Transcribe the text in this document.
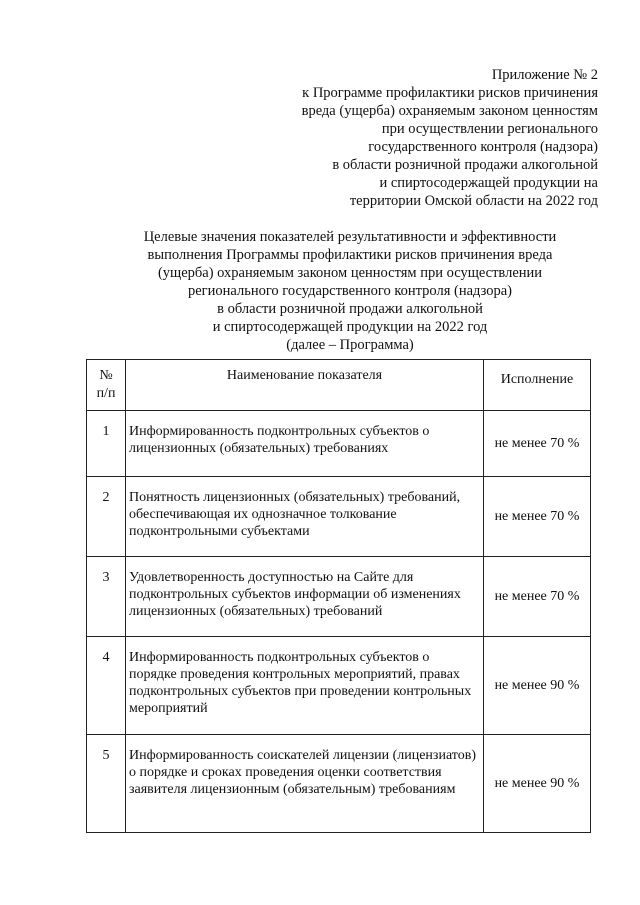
Приложение № 2
к Программе профилактики рисков причинения
вреда (ущерба) охраняемым законом ценностям
при осуществлении регионального
государственного контроля (надзора)
в области розничной продажи алкогольной
и спиртосодержащей продукции на
территории Омской области на 2022 год
Целевые значения показателей результативности и эффективности
выполнения Программы профилактики рисков причинения вреда
(ущерба) охраняемым законом ценностям при осуществлении
регионального государственного контроля (надзора)
в области розничной продажи алкогольной
и спиртосодержащей продукции на 2022 год
(далее – Программа)
№
п/п	Наименование показателя	Исполнение
1	Информированность подконтрольных субъектов о лицензионных (обязательных) требованиях	не менее 70 %
2	Понятность лицензионных (обязательных) требований, обеспечивающая их однозначное толкование подконтрольными субъектами	не менее 70 %
3	Удовлетворенность доступностью на Сайте для подконтрольных субъектов информации об изменениях лицензионных (обязательных) требований	не менее 70 %
4	Информированность подконтрольных субъектов о порядке проведения контрольных мероприятий, правах подконтрольных субъектов при проведении контрольных мероприятий	не менее 90 %
5	Информированность соискателей лицензии (лицензиатов) о порядке и сроках проведения оценки соответствия заявителя лицензионным (обязательным) требованиям	не менее 90 %
